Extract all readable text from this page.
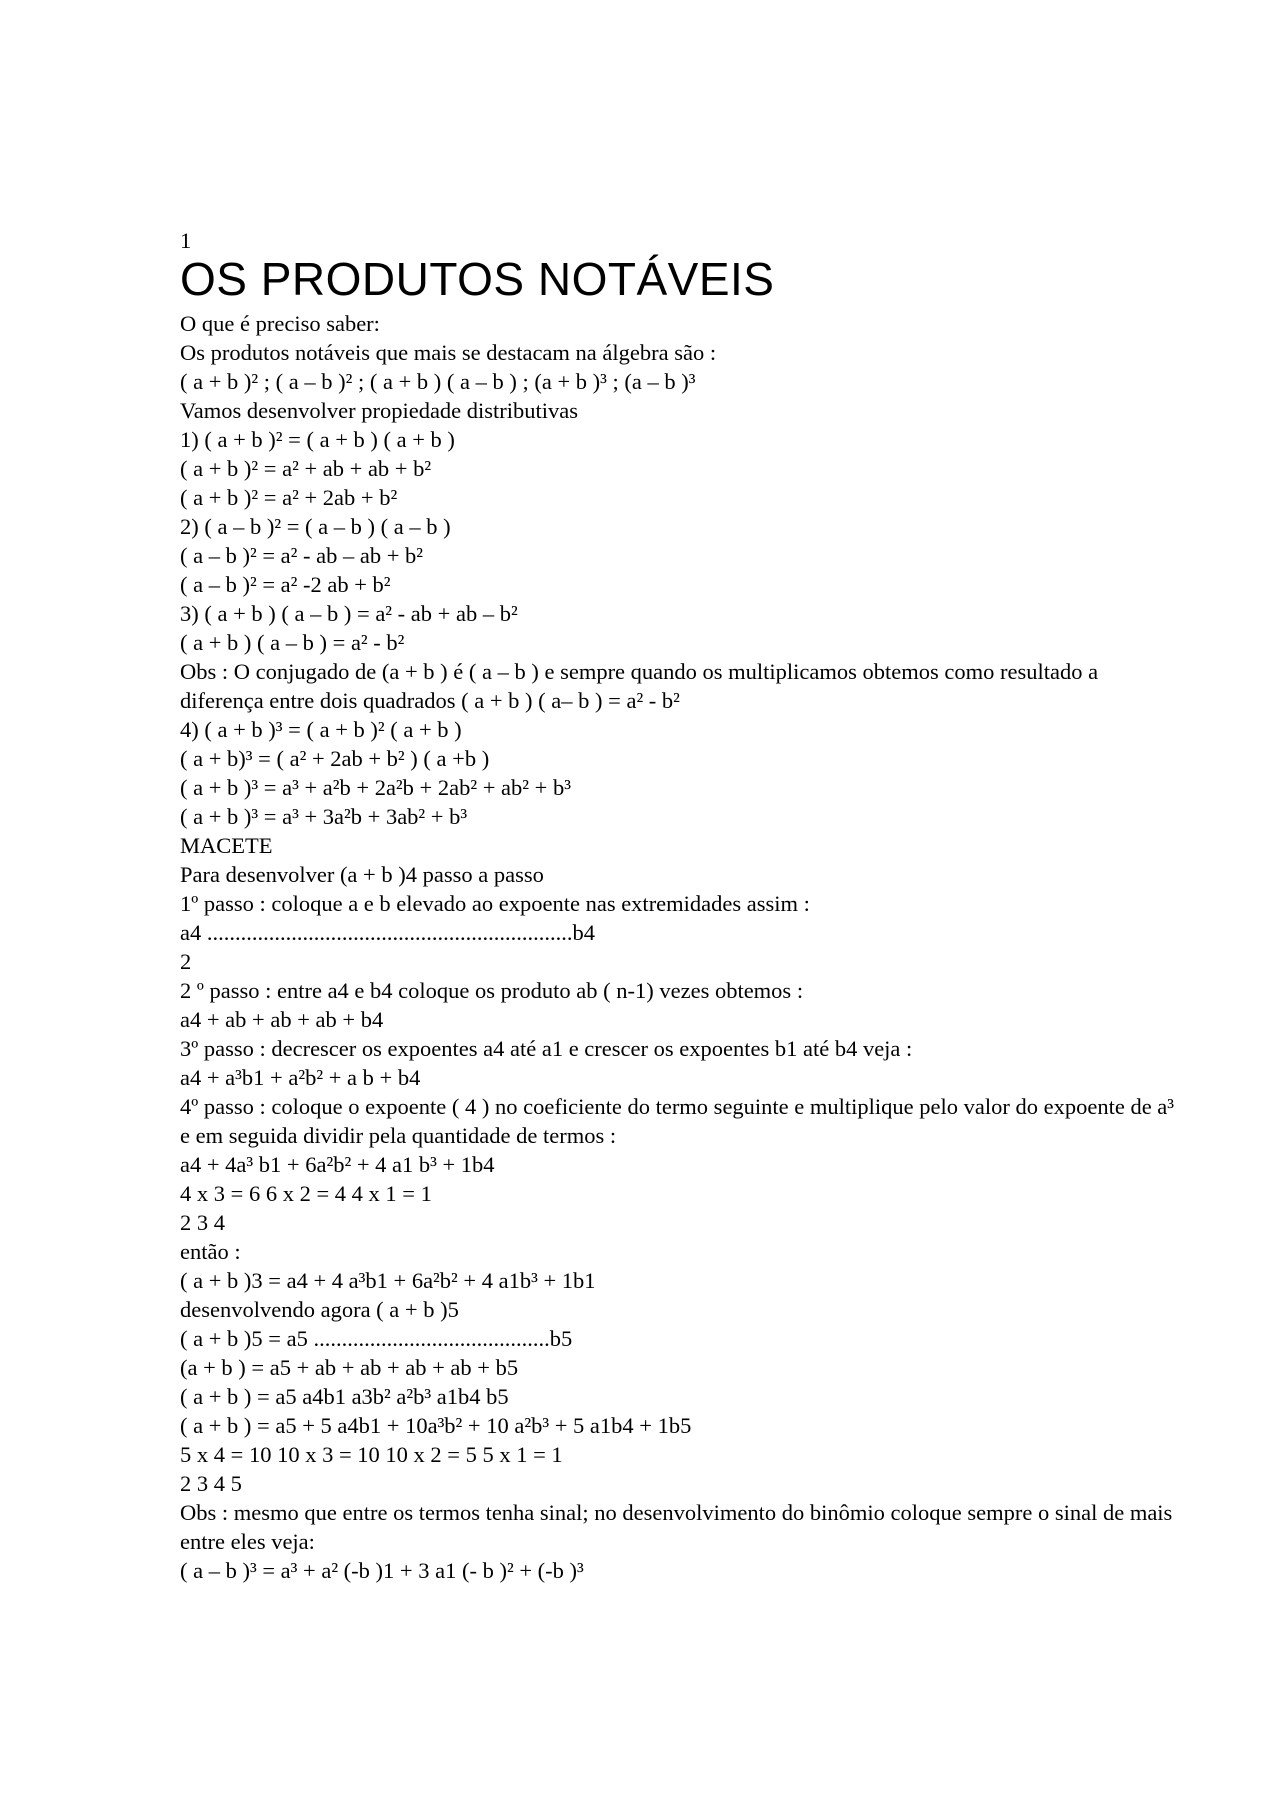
1
OS PRODUTOS NOTÁVEIS
O que é preciso saber:
Os produtos notáveis que mais se destacam na álgebra são :
( a + b )² ; ( a – b )² ; ( a + b ) ( a – b ) ; (a + b )³ ; (a – b )³
Vamos desenvolver propiedade distributivas
1) ( a + b )² = ( a + b ) ( a + b )
( a + b )² = a² + ab + ab + b²
( a + b )² = a² + 2ab + b²
2) ( a – b )² = ( a – b ) ( a – b )
( a – b )² = a² - ab – ab + b²
( a – b )² = a² -2 ab + b²
3) ( a + b ) ( a – b ) = a² - ab + ab – b²
( a + b ) ( a – b ) = a² - b²
Obs : O conjugado de (a + b ) é ( a – b ) e sempre quando os multiplicamos obtemos como resultado a diferença entre dois quadrados ( a + b ) ( a– b ) = a² - b²
4) ( a + b )³ = ( a + b )² ( a + b )
( a + b)³ = ( a² + 2ab + b² ) ( a +b )
( a + b )³ = a³ + a²b + 2a²b + 2ab² + ab² + b³
( a + b )³ = a³ + 3a²b + 3ab² + b³
MACETE
Para desenvolver (a + b )4 passo a passo
1º passo : coloque a e b elevado ao expoente nas extremidades assim :
a4 .................................................................b4
2
2 º passo : entre a4 e b4 coloque os produto ab ( n-1) vezes obtemos :
a4 + ab + ab + ab + b4
3º passo : decrescer os expoentes a4 até a1 e crescer os expoentes b1 até b4 veja :
a4 + a³b1 + a²b² + a b + b4
4º passo : coloque o expoente ( 4 ) no coeficiente do termo seguinte e multiplique pelo valor do expoente de a³ e em seguida dividir pela quantidade de termos :
a4 + 4a³ b1 + 6a²b² + 4 a1 b³ + 1b4
4 x 3 = 6 6 x 2 = 4 4 x 1 = 1
2 3 4
então :
( a + b )3 = a4 + 4 a³b1 + 6a²b² + 4 a1b³ + 1b1
desenvolvendo agora ( a + b )5
( a + b )5 = a5 ..........................................b5
(a + b ) = a5 + ab + ab + ab + ab + b5
( a + b ) = a5 a4b1 a3b² a²b³ a1b4 b5
( a + b ) = a5 + 5 a4b1 + 10a³b² + 10 a²b³ + 5 a1b4 + 1b5
5 x 4 = 10 10 x 3 = 10 10 x 2 = 5 5 x 1 = 1
2 3 4 5
Obs : mesmo que entre os termos tenha sinal; no desenvolvimento do binômio coloque sempre o sinal de mais entre eles veja:
( a – b )³ = a³ + a² (-b )1 + 3 a1 (- b )² + (-b )³
